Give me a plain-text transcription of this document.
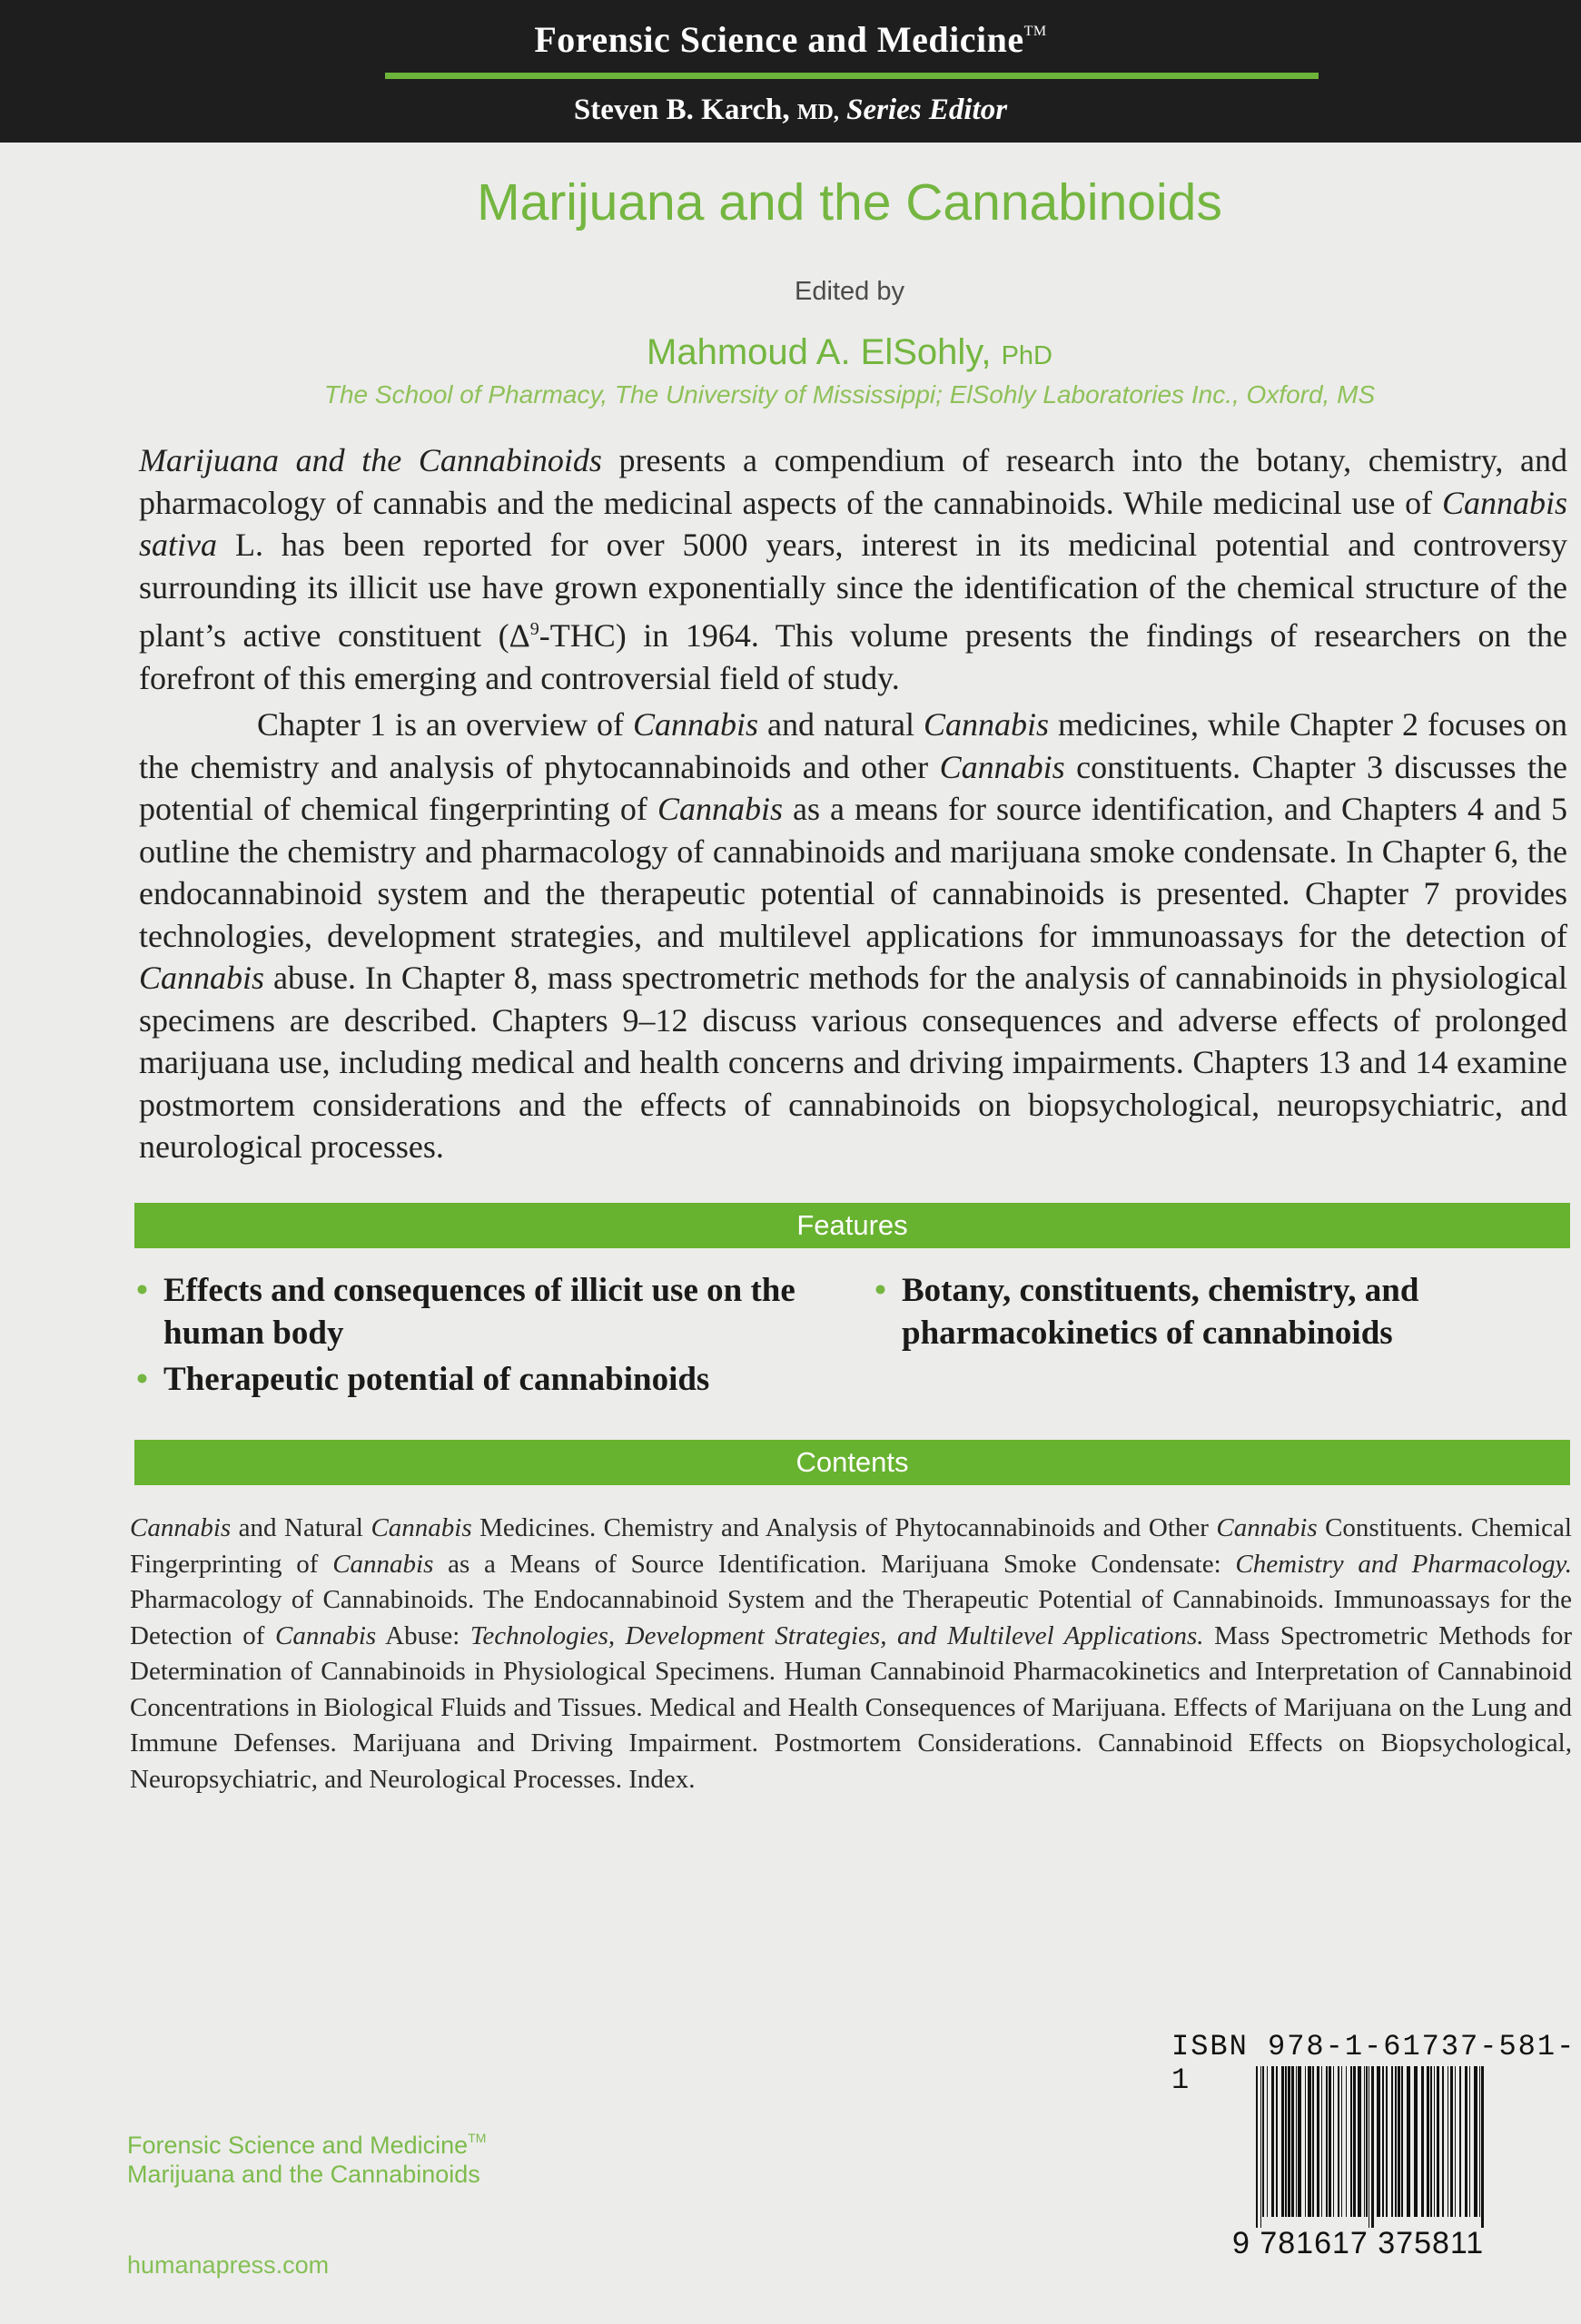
Forensic Science and Medicine™
Steven B. Karch, MD, Series Editor
Marijuana and the Cannabinoids
Edited by
Mahmoud A. ElSohly, PhD
The School of Pharmacy, The University of Mississippi; ElSohly Laboratories Inc., Oxford, MS

Marijuana and the Cannabinoids presents a compendium of research into the botany, chemistry, and pharmacology of cannabis and the medicinal aspects of the cannabinoids. While medicinal use of Cannabis sativa L. has been reported for over 5000 years, interest in its medicinal potential and controversy surrounding its illicit use have grown exponentially since the identification of the chemical structure of the plant’s active constituent $(\Delta^9-THC)$ in 1964. This volume presents the findings of researchers on the forefront of this emerging and controversial field of study.

Chapter 1 is an overview of Cannabis and natural Cannabis medicines, while Chapter 2 focuses on the chemistry and analysis of phytocannabinoids and other Cannabis constituents. Chapter 3 discusses the potential of chemical fingerprinting of Cannabis as a means for source identification, and Chapters 4 and 5 outline the chemistry and pharmacology of cannabinoids and marijuana smoke condensate. In Chapter 6, the endocannabinoid system and the therapeutic potential of cannabinoids is presented. Chapter 7 provides technologies, development strategies, and multilevel applications for immunoassays for the detection of Cannabis abuse. In Chapter 8, mass spectrometric methods for the analysis of cannabinoids in physiological specimens are described. Chapters 9–12 discuss various consequences and adverse effects of prolonged marijuana use, including medical and health concerns and driving impairments. Chapters 13 and 14 examine postmortem considerations and the effects of cannabinoids on biopsychological, neuropsychiatric, and neurological processes.

Features
• Effects and consequences of illicit use on the human body
• Therapeutic potential of cannabinoids
• Botany, constituents, chemistry, and pharmacokinetics of cannabinoids
Contents
Cannabis and Natural Cannabis Medicines. Chemistry and Analysis of Phytocannabinoids and Other Cannabis Constituents. Chemical Fingerprinting of Cannabis as a Means of Source Identification. Marijuana Smoke Condensate: Chemistry and Pharmacology. Pharmacology of Cannabinoids. The Endocannabinoid System and the Therapeutic Potential of Cannabinoids. Immunoassays for the Detection of Cannabis Abuse: Technologies, Development Strategies, and Multilevel Applications. Mass Spectrometric Methods for Determination of Cannabinoids in Physiological Specimens. Human Cannabinoid Pharmacokinetics and Interpretation of Cannabinoid Concentrations in Biological Fluids and Tissues. Medical and Health Consequences of Marijuana. Effects of Marijuana on the Lung and Immune Defenses. Marijuana and Driving Impairment. Postmortem Considerations. Cannabinoid Effects on Biopsychological, Neuropsychiatric, and Neurological Processes. Index.
ISBN 978-1-61737-581-1
9 781617 375811
Forensic Science and Medicine™
Marijuana and the Cannabinoids
humanapress.com
